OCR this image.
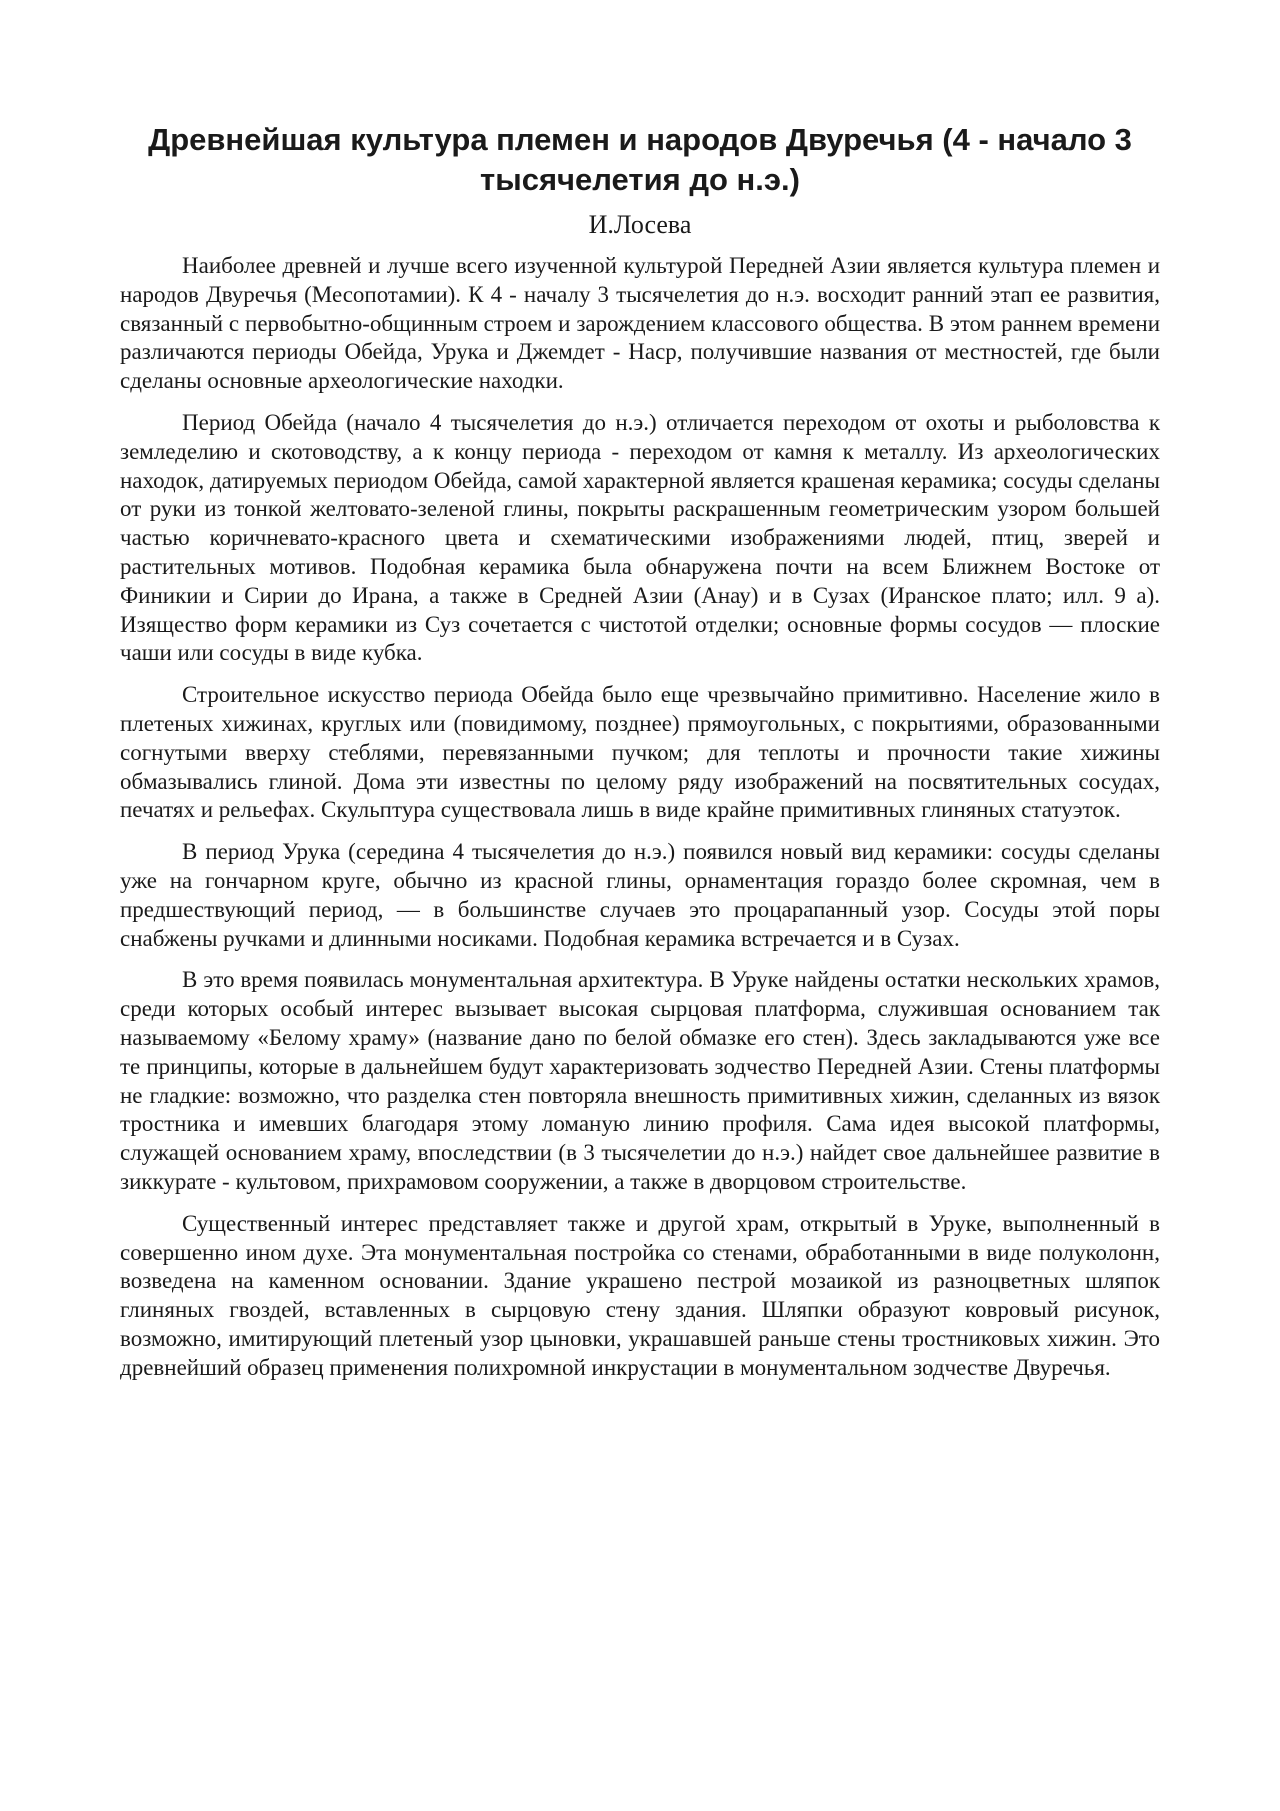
Древнейшая культура племен и народов Двуречья (4 - начало 3 тысячелетия до н.э.)
И.Лосева

Наиболее древней и лучше всего изученной культурой Передней Азии является культура племен и народов Двуречья (Месопотамии). К 4 - началу 3 тысячелетия до н.э. восходит ранний этап ее развития, связанный с первобытно-общинным строем и зарождением классового общества. В этом раннем времени различаются периоды Обейда, Урука и Джемдет - Наср, получившие названия от местностей, где были сделаны основные археологические находки.

Период Обейда (начало 4 тысячелетия до н.э.) отличается переходом от охоты и рыболовства к земледелию и скотоводству, а к концу периода - переходом от камня к металлу. Из археологических находок, датируемых периодом Обейда, самой характерной является крашеная керамика; сосуды сделаны от руки из тонкой желтовато-зеленой глины, покрыты раскрашенным геометрическим узором большей частью коричневато-красного цвета и схематическими изображениями людей, птиц, зверей и растительных мотивов. Подобная керамика была обнаружена почти на всем Ближнем Востоке от Финикии и Сирии до Ирана, а также в Средней Азии (Анау) и в Сузах (Иранское плато; илл. 9 а). Изящество форм керамики из Суз сочетается с чистотой отделки; основные формы сосудов — плоские чаши или сосуды в виде кубка.

Строительное искусство периода Обейда было еще чрезвычайно примитивно. Население жило в плетеных хижинах, круглых или (повидимому, позднее) прямоугольных, с покрытиями, образованными согнутыми вверху стеблями, перевязанными пучком; для теплоты и прочности такие хижины обмазывались глиной. Дома эти известны по целому ряду изображений на посвятительных сосудах, печатях и рельефах. Скульптура существовала лишь в виде крайне примитивных глиняных статуэток.

В период Урука (середина 4 тысячелетия до н.э.) появился новый вид керамики: сосуды сделаны уже на гончарном круге, обычно из красной глины, орнаментация гораздо более скромная, чем в предшествующий период, — в большинстве случаев это процарапанный узор. Сосуды этой поры снабжены ручками и длинными носиками. Подобная керамика встречается и в Сузах.

В это время появилась монументальная архитектура. В Уруке найдены остатки нескольких храмов, среди которых особый интерес вызывает высокая сырцовая платформа, служившая основанием так называемому «Белому храму» (название дано по белой обмазке его стен). Здесь закладываются уже все те принципы, которые в дальнейшем будут характеризовать зодчество Передней Азии. Стены платформы не гладкие: возможно, что разделка стен повторяла внешность примитивных хижин, сделанных из вязок тростника и имевших благодаря этому ломаную линию профиля. Сама идея высокой платформы, служащей основанием храму, впоследствии (в 3 тысячелетии до н.э.) найдет свое дальнейшее развитие в зиккурате - культовом, прихрамовом сооружении, а также в дворцовом строительстве.

Существенный интерес представляет также и другой храм, открытый в Уруке, выполненный в совершенно ином духе. Эта монументальная постройка со стенами, обработанными в виде полуколонн, возведена на каменном основании. Здание украшено пестрой мозаикой из разноцветных шляпок глиняных гвоздей, вставленных в сырцовую стену здания. Шляпки образуют ковровый рисунок, возможно, имитирующий плетеный узор цыновки, украшавшей раньше стены тростниковых хижин. Это древнейший образец применения полихромной инкрустации в монументальном зодчестве Двуречья.
